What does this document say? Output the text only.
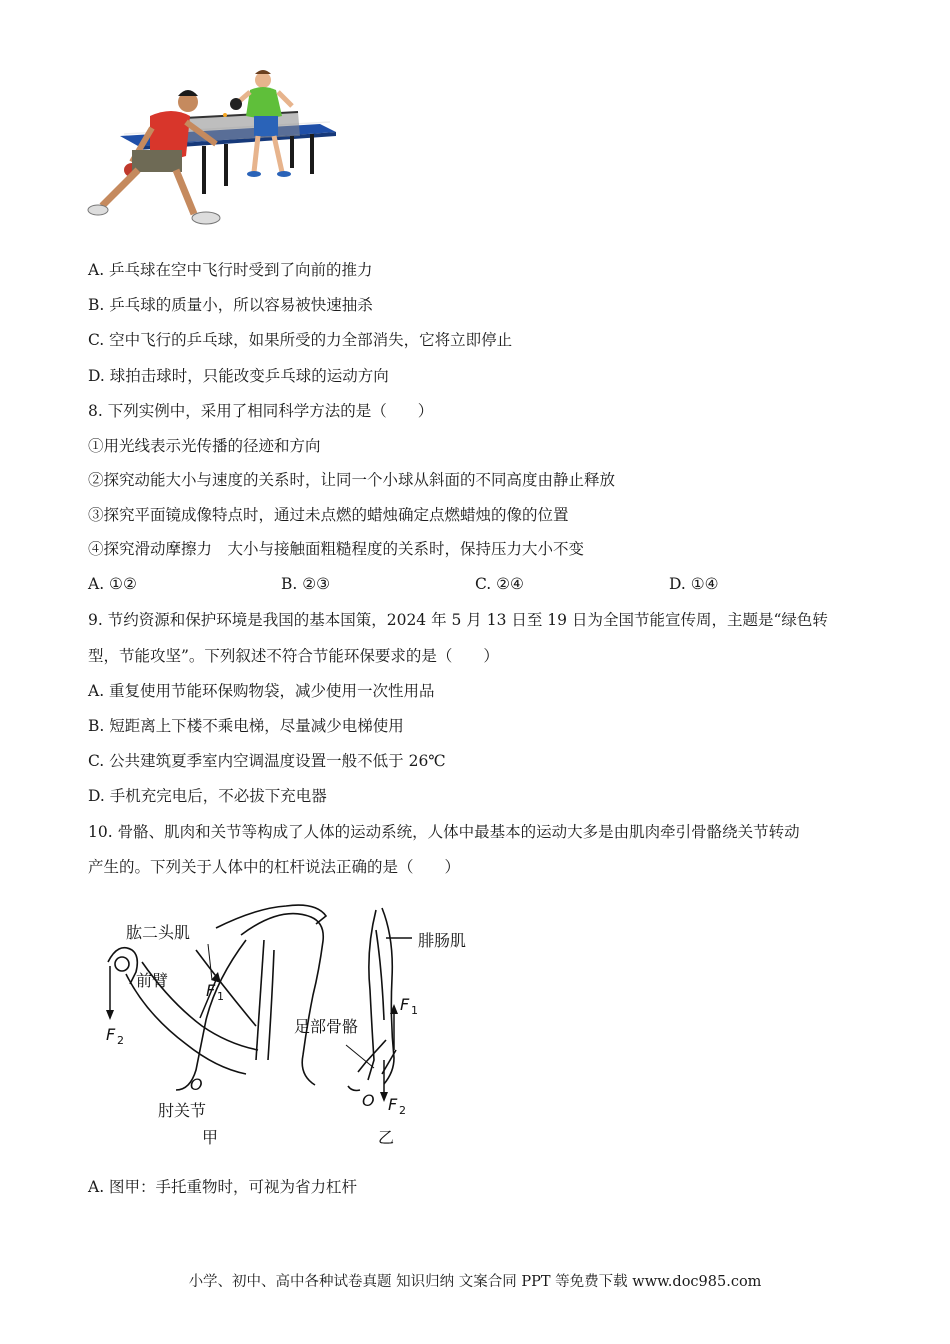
A. 乒乓球在空中飞行时受到了向前的推力
B. 乒乓球的质量小，所以容易被快速抽杀
C. 空中飞行的乒乓球，如果所受的力全部消失，它将立即停止
D. 球拍击球时，只能改变乒乓球的运动方向
8. 下列实例中，采用了相同科学方法的是（　　）
①用光线表示光传播的径迹和方向
②探究动能大小与速度的关系时，让同一个小球从斜面的不同高度由静止释放
③探究平面镜成像特点时，通过未点燃的蜡烛确定点燃蜡烛的像的位置
④探究滑动摩擦力　大小与接触面粗糙程度的关系时，保持压力大小不变
A. ①②	B. ②③	C. ②④	D. ①④
9. 节约资源和保护环境是我国的基本国策，2024 年 5 月 13 日至 19 日为全国节能宣传周，主题是“绿色转
型，节能攻坚”。下列叙述不符合节能环保要求的是（　　）
A. 重复使用节能环保购物袋，减少使用一次性用品
B. 短距离上下楼不乘电梯，尽量减少电梯使用
C. 公共建筑夏季室内空调温度设置一般不低于 26℃
D. 手机充完电后，不必拔下充电器
10. 骨骼、肌肉和关节等构成了人体的运动系统，人体中最基本的运动大多是由肌肉牵引骨骼绕关节转动
产生的。下列关于人体中的杠杆说法正确的是（　　）
肱二头肌
前臂
肘关节
甲
O
F 2
F 1
腓肠肌
足部骨骼
乙
O F 2
F 1
A. 图甲：手托重物时，可视为省力杠杆
小学、初中、高中各种试卷真题 知识归纳 文案合同 PPT 等免费下载 www.doc985.com
